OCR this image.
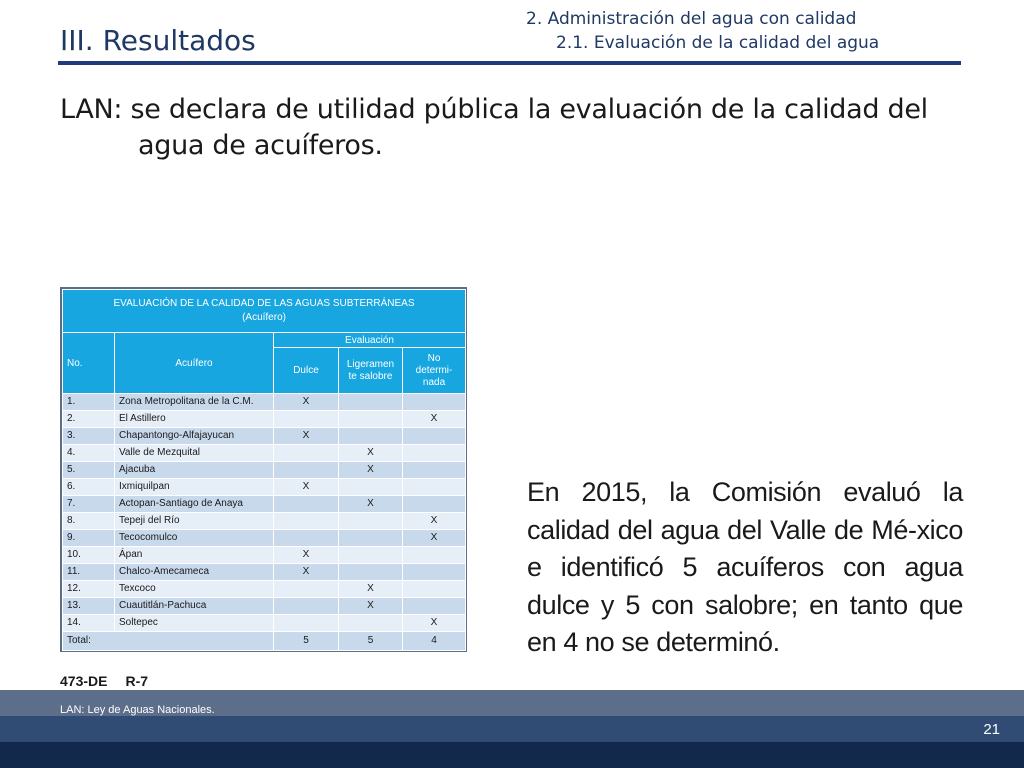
III. Resultados
2. Administración del agua con calidad
2.1. Evaluación de la calidad del agua
LAN: se declara de utilidad pública la evaluación de la calidad del
agua de acuíferos.
EVALUACIÓN DE LA CALIDAD DE LAS AGUAS SUBTERRÁNEAS
(Acuífero)				
No.	Acuífero	Evaluación		
		Dulce	Ligeramen
te salobre	No
determi-
nada
1.	Zona Metropolitana de la C.M.	X		
2.	El Astillero			X
3.	Chapantongo-Alfajayucan	X		
4.	Valle de Mezquital		X	
5.	Ajacuba		X	
6.	Ixmiquilpan	X		
7.	Actopan-Santiago de Anaya		X	
8.	Tepeji del Río			X
9.	Tecocomulco			X
10.	Ápan	X		
11.	Chalco-Amecameca	X		
12.	Texcoco		X	
13.	Cuautitlán-Pachuca		X	
14.	Soltepec			X
Total:		5	5	4
En 2015, la Comisión evaluó la calidad del agua del Valle de Mé-xico e identificó 5 acuíferos con agua dulce y 5 con salobre; en tanto que en 4 no se determinó.
473-DE R-7
LAN: Ley de Aguas Nacionales.
21
